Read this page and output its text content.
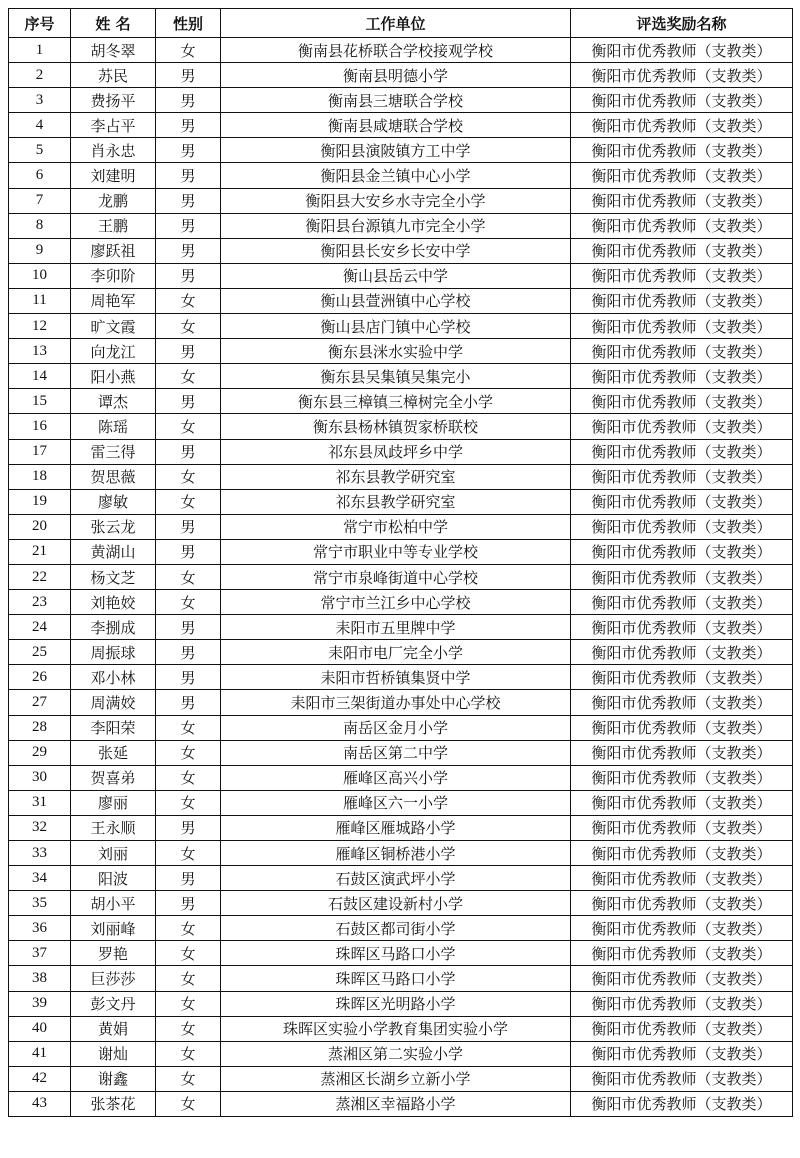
序号	姓 名	性别	工作单位	评选奖励名称
1	胡冬翠	女	衡南县花桥联合学校接观学校	衡阳市优秀教师（支教类）
2	苏民	男	衡南县明德小学	衡阳市优秀教师（支教类）
3	费扬平	男	衡南县三塘联合学校	衡阳市优秀教师（支教类）
4	李占平	男	衡南县咸塘联合学校	衡阳市优秀教师（支教类）
5	肖永忠	男	衡阳县演陂镇方工中学	衡阳市优秀教师（支教类）
6	刘建明	男	衡阳县金兰镇中心小学	衡阳市优秀教师（支教类）
7	龙鹏	男	衡阳县大安乡水寺完全小学	衡阳市优秀教师（支教类）
8	王鹏	男	衡阳县台源镇九市完全小学	衡阳市优秀教师（支教类）
9	廖跃祖	男	衡阳县长安乡长安中学	衡阳市优秀教师（支教类）
10	李卯阶	男	衡山县岳云中学	衡阳市优秀教师（支教类）
11	周艳军	女	衡山县萱洲镇中心学校	衡阳市优秀教师（支教类）
12	旷文霞	女	衡山县店门镇中心学校	衡阳市优秀教师（支教类）
13	向龙江	男	衡东县洣水实验中学	衡阳市优秀教师（支教类）
14	阳小燕	女	衡东县吴集镇吴集完小	衡阳市优秀教师（支教类）
15	谭杰	男	衡东县三樟镇三樟树完全小学	衡阳市优秀教师（支教类）
16	陈瑶	女	衡东县杨林镇贺家桥联校	衡阳市优秀教师（支教类）
17	雷三得	男	祁东县凤歧坪乡中学	衡阳市优秀教师（支教类）
18	贺思薇	女	祁东县教学研究室	衡阳市优秀教师（支教类）
19	廖敏	女	祁东县教学研究室	衡阳市优秀教师（支教类）
20	张云龙	男	常宁市松柏中学	衡阳市优秀教师（支教类）
21	黄湖山	男	常宁市职业中等专业学校	衡阳市优秀教师（支教类）
22	杨文芝	女	常宁市泉峰街道中心学校	衡阳市优秀教师（支教类）
23	刘艳姣	女	常宁市兰江乡中心学校	衡阳市优秀教师（支教类）
24	李捌成	男	耒阳市五里牌中学	衡阳市优秀教师（支教类）
25	周振球	男	耒阳市电厂完全小学	衡阳市优秀教师（支教类）
26	邓小林	男	耒阳市哲桥镇集贤中学	衡阳市优秀教师（支教类）
27	周满姣	男	耒阳市三架街道办事处中心学校	衡阳市优秀教师（支教类）
28	李阳荣	女	南岳区金月小学	衡阳市优秀教师（支教类）
29	张延	女	南岳区第二中学	衡阳市优秀教师（支教类）
30	贺喜弟	女	雁峰区高兴小学	衡阳市优秀教师（支教类）
31	廖丽	女	雁峰区六一小学	衡阳市优秀教师（支教类）
32	王永顺	男	雁峰区雁城路小学	衡阳市优秀教师（支教类）
33	刘丽	女	雁峰区铜桥港小学	衡阳市优秀教师（支教类）
34	阳波	男	石鼓区演武坪小学	衡阳市优秀教师（支教类）
35	胡小平	男	石鼓区建设新村小学	衡阳市优秀教师（支教类）
36	刘丽峰	女	石鼓区都司街小学	衡阳市优秀教师（支教类）
37	罗艳	女	珠晖区马路口小学	衡阳市优秀教师（支教类）
38	巨莎莎	女	珠晖区马路口小学	衡阳市优秀教师（支教类）
39	彭文丹	女	珠晖区光明路小学	衡阳市优秀教师（支教类）
40	黄娟	女	珠晖区实验小学教育集团实验小学	衡阳市优秀教师（支教类）
41	谢灿	女	蒸湘区第二实验小学	衡阳市优秀教师（支教类）
42	谢鑫	女	蒸湘区长湖乡立新小学	衡阳市优秀教师（支教类）
43	张茶花	女	蒸湘区幸福路小学	衡阳市优秀教师（支教类）
